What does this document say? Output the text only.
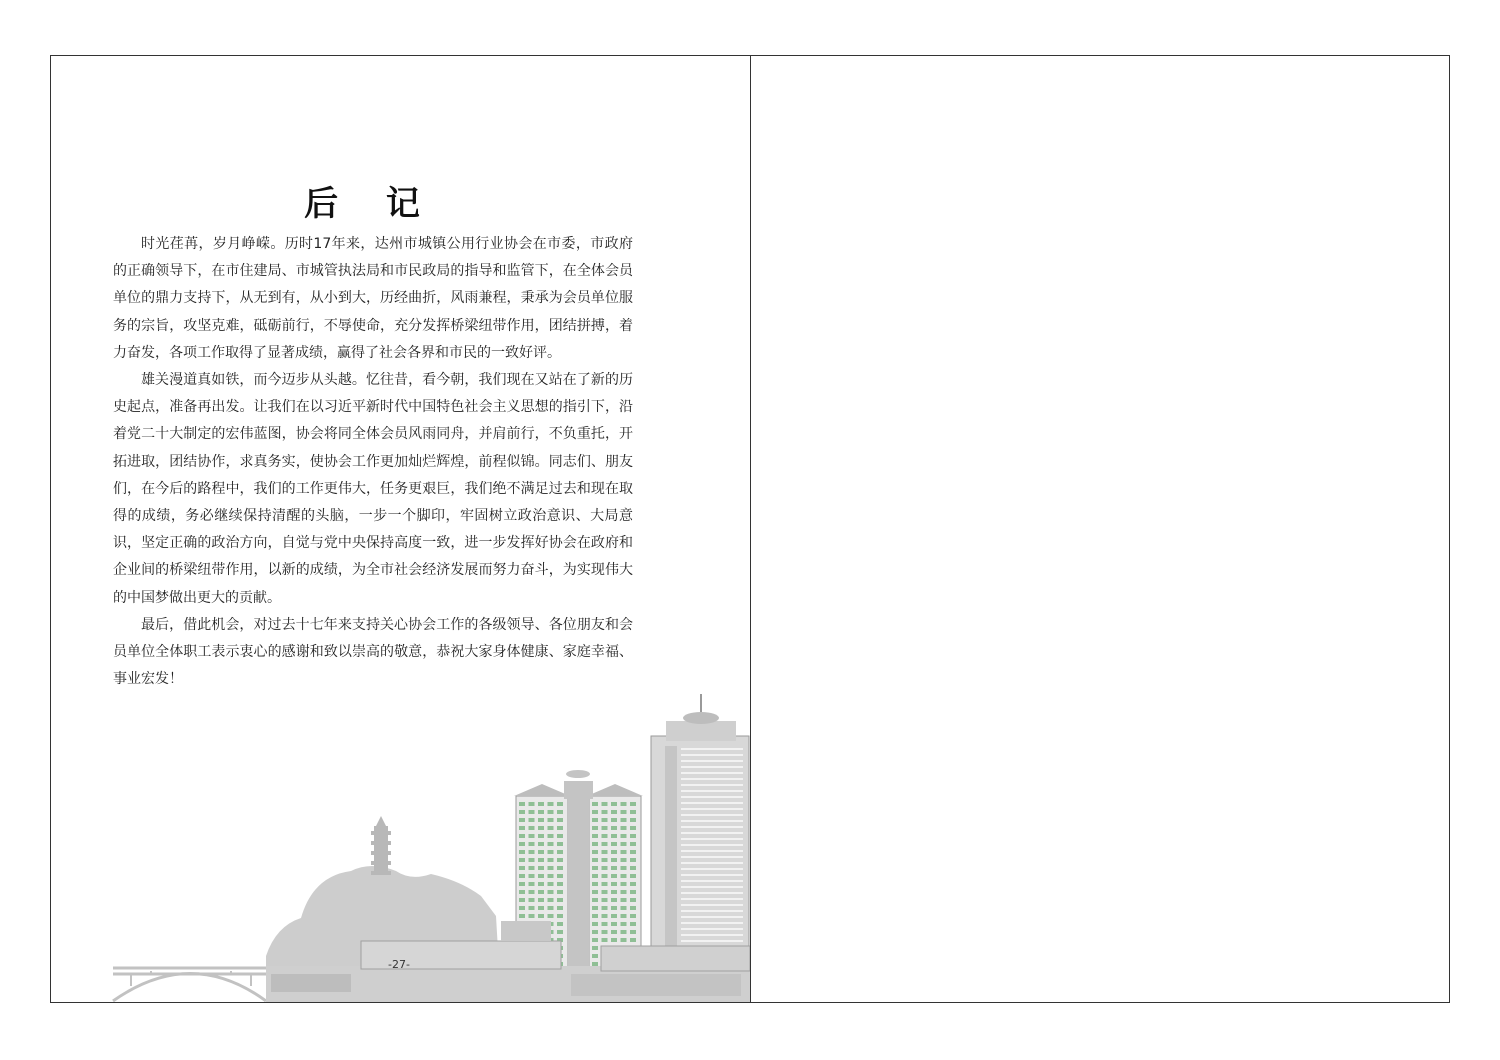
后 记

时光荏苒，岁月峥嵘。历时17年来，达州市城镇公用行业协会在市委，市政府的正确领导下，在市住建局、市城管执法局和市民政局的指导和监管下，在全体会员单位的鼎力支持下，从无到有，从小到大，历经曲折，风雨兼程，秉承为会员单位服务的宗旨，攻坚克难，砥砺前行，不辱使命，充分发挥桥梁纽带作用，团结拼搏，着力奋发，各项工作取得了显著成绩，赢得了社会各界和市民的一致好评。

雄关漫道真如铁，而今迈步从头越。忆往昔，看今朝，我们现在又站在了新的历史起点，准备再出发。让我们在以习近平新时代中国特色社会主义思想的指引下，沿着党二十大制定的宏伟蓝图，协会将同全体会员风雨同舟，并肩前行，不负重托，开拓进取，团结协作，求真务实，使协会工作更加灿烂辉煌，前程似锦。同志们、朋友们，在今后的路程中，我们的工作更伟大，任务更艰巨，我们绝不满足过去和现在取得的成绩，务必继续保持清醒的头脑，一步一个脚印，牢固树立政治意识、大局意识，坚定正确的政治方向，自觉与党中央保持高度一致，进一步发挥好协会在政府和企业间的桥梁纽带作用，以新的成绩，为全市社会经济发展而努力奋斗，为实现伟大的中国梦做出更大的贡献。

最后，借此机会，对过去十七年来支持关心协会工作的各级领导、各位朋友和会员单位全体职工表示衷心的感谢和致以崇高的敬意，恭祝大家身体健康、家庭幸福、事业宏发！

-27-
